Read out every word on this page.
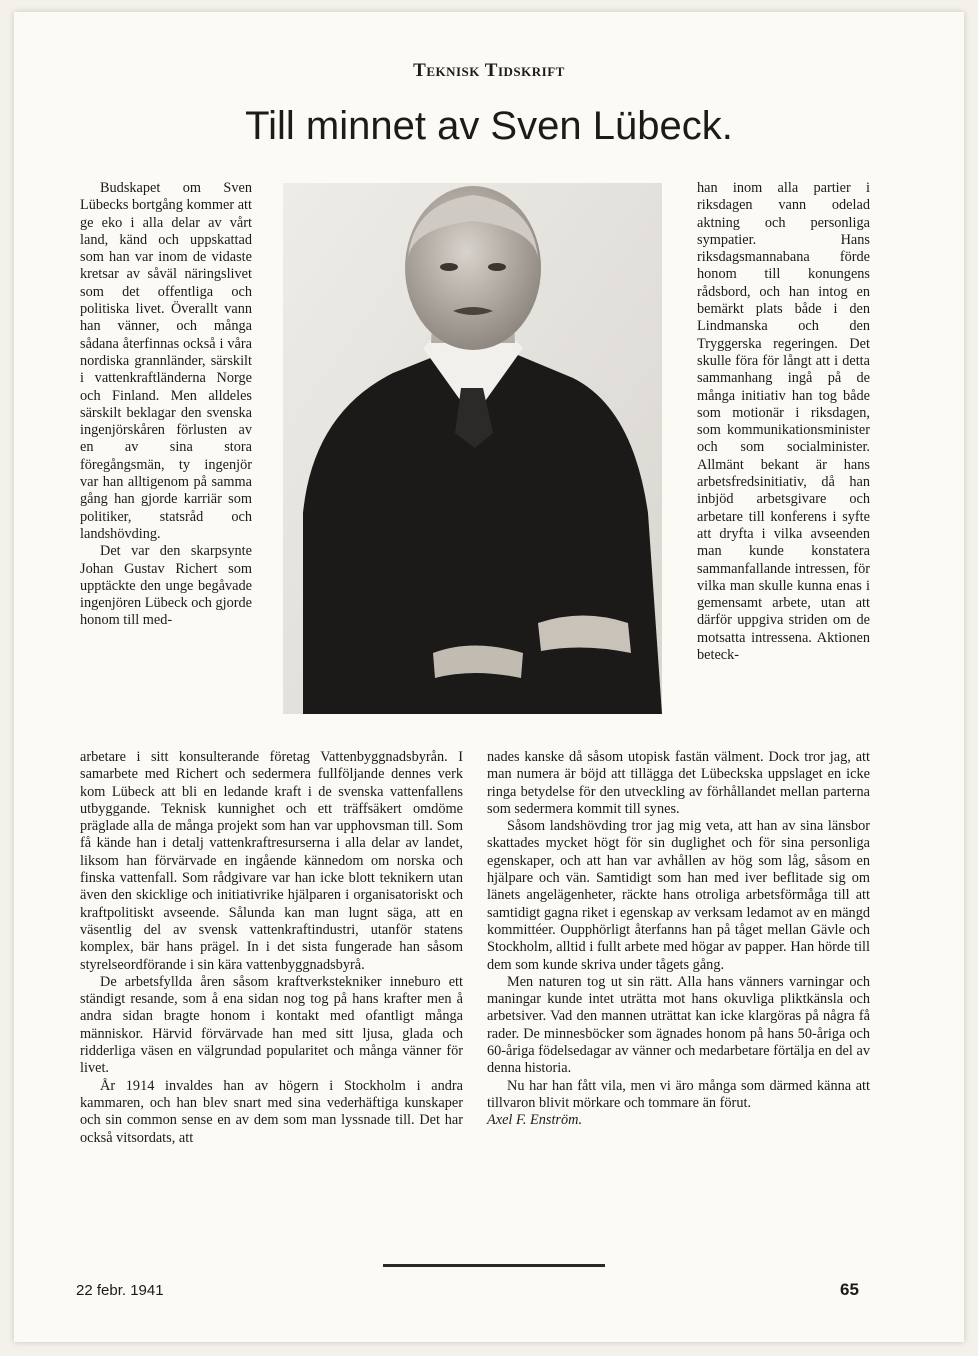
Teknisk Tidskrift
Till minnet av Sven Lübeck.

Budskapet om Sven Lübecks bortgång kommer att ge eko i alla delar av vårt land, känd och uppskattad som han var inom de vidaste kretsar av såväl näringslivet som det offentliga och politiska livet. Överallt vann han vänner, och många sådana återfinnas också i våra nordiska grannländer, särskilt i vattenkraftländerna Norge och Finland. Men alldeles särskilt beklagar den svenska ingenjörskåren förlusten av en av sina stora föregångsmän, ty ingenjör var han alltigenom på samma gång han gjorde karriär som politiker, statsråd och landshövding.

Det var den skarpsynte Johan Gustav Richert som upptäckte den unge begåvade ingenjören Lübeck och gjorde honom till med-

han inom alla partier i riksdagen vann odelad aktning och personliga sympatier. Hans riksdagsmannabana förde honom till konungens rådsbord, och han intog en bemärkt plats både i den Lindmanska och den Tryggerska regeringen. Det skulle föra för långt att i detta sammanhang ingå på de många initiativ han tog både som motionär i riksdagen, som kommunikationsminister och som socialminister. Allmänt bekant är hans arbetsfredsinitiativ, då han inbjöd arbetsgivare och arbetare till konferens i syfte att dryfta i vilka avseenden man kunde konstatera sammanfallande intressen, för vilka man skulle kunna enas i gemensamt arbete, utan att därför uppgiva striden om de motsatta intressena. Aktionen beteck-

arbetare i sitt konsulterande företag Vattenbyggnadsbyrån. I samarbete med Richert och sedermera fullföljande dennes verk kom Lübeck att bli en ledande kraft i de svenska vattenfallens utbyggande. Teknisk kunnighet och ett träffsäkert omdöme präglade alla de många projekt som han var upphovsman till. Som få kände han i detalj vattenkraftresurserna i alla delar av landet, liksom han förvärvade en ingående kännedom om norska och finska vattenfall. Som rådgivare var han icke blott teknikern utan även den skicklige och initiativrike hjälparen i organisatoriskt och kraftpolitiskt avseende. Sålunda kan man lugnt säga, att en väsentlig del av svensk vattenkraftindustri, utanför statens komplex, bär hans prägel. In i det sista fungerade han såsom styrelseordförande i sin kära vattenbyggnadsbyrå.

De arbetsfyllda åren såsom kraftverkstekniker inneburo ett ständigt resande, som å ena sidan nog tog på hans krafter men å andra sidan bragte honom i kontakt med ofantligt många människor. Härvid förvärvade han med sitt ljusa, glada och ridderliga väsen en välgrundad popularitet och många vänner för livet.

År 1914 invaldes han av högern i Stockholm i andra kammaren, och han blev snart med sina vederhäftiga kunskaper och sin common sense en av dem som man lyssnade till. Det har också vitsordats, att

nades kanske då såsom utopisk fastän välment. Dock tror jag, att man numera är böjd att tillägga det Lübeckska uppslaget en icke ringa betydelse för den utveckling av förhållandet mellan parterna som sedermera kommit till synes.

Såsom landshövding tror jag mig veta, att han av sina länsbor skattades mycket högt för sin duglighet och för sina personliga egenskaper, och att han var avhållen av hög som låg, såsom en hjälpare och vän. Samtidigt som han med iver beflitade sig om länets angelägenheter, räckte hans otroliga arbetsförmåga till att samtidigt gagna riket i egenskap av verksam ledamot av en mängd kommittéer. Oupphörligt återfanns han på tåget mellan Gävle och Stockholm, alltid i fullt arbete med högar av papper. Han hörde till dem som kunde skriva under tågets gång.

Men naturen tog ut sin rätt. Alla hans vänners varningar och maningar kunde intet uträtta mot hans okuvliga pliktkänsla och arbetsiver. Vad den mannen uträttat kan icke klargöras på några få rader. De minnesböcker som ägnades honom på hans 50-åriga och 60-åriga födelsedagar av vänner och medarbetare förtälja en del av denna historia.

Nu har han fått vila, men vi äro många som därmed känna att tillvaron blivit mörkare och tommare än förut.

Axel F. Enström.

22 febr. 1941	65
